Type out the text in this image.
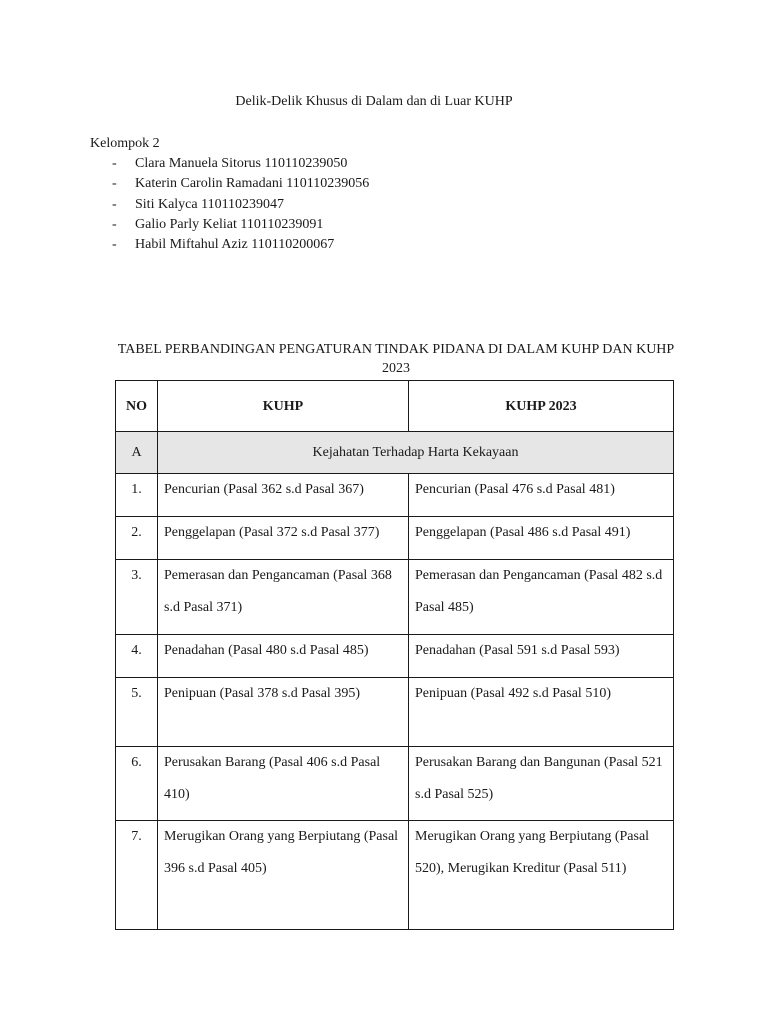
Delik-Delik Khusus di Dalam dan di Luar KUHP
Kelompok 2
-	Clara Manuela Sitorus 110110239050
-	Katerin Carolin Ramadani 110110239056
-	Siti Kalyca 110110239047
-	Galio Parly Keliat 110110239091
-	Habil Miftahul Aziz 110110200067
TABEL PERBANDINGAN PENGATURAN TINDAK PIDANA DI DALAM KUHP DAN KUHP 2023
NO	KUHP	KUHP 2023
A	Kejahatan Terhadap Harta Kekayaan	
1.	Pencurian (Pasal 362 s.d Pasal 367)	Pencurian (Pasal 476 s.d Pasal 481)
2.	Penggelapan (Pasal 372 s.d Pasal 377)	Penggelapan (Pasal 486 s.d Pasal 491)
3.	Pemerasan dan Pengancaman (Pasal 368 s.d Pasal 371)	Pemerasan dan Pengancaman (Pasal 482 s.d Pasal 485)
4.	Penadahan (Pasal 480 s.d Pasal 485)	Penadahan (Pasal 591 s.d Pasal 593)
5.	Penipuan (Pasal 378 s.d Pasal 395)	Penipuan (Pasal 492 s.d Pasal 510)
6.	Perusakan Barang (Pasal 406 s.d Pasal 410)	Perusakan Barang dan Bangunan (Pasal 521 s.d Pasal 525)
7.	Merugikan Orang yang Berpiutang (Pasal 396 s.d Pasal 405)	Merugikan Orang yang Berpiutang (Pasal 520), Merugikan Kreditur (Pasal 511)
